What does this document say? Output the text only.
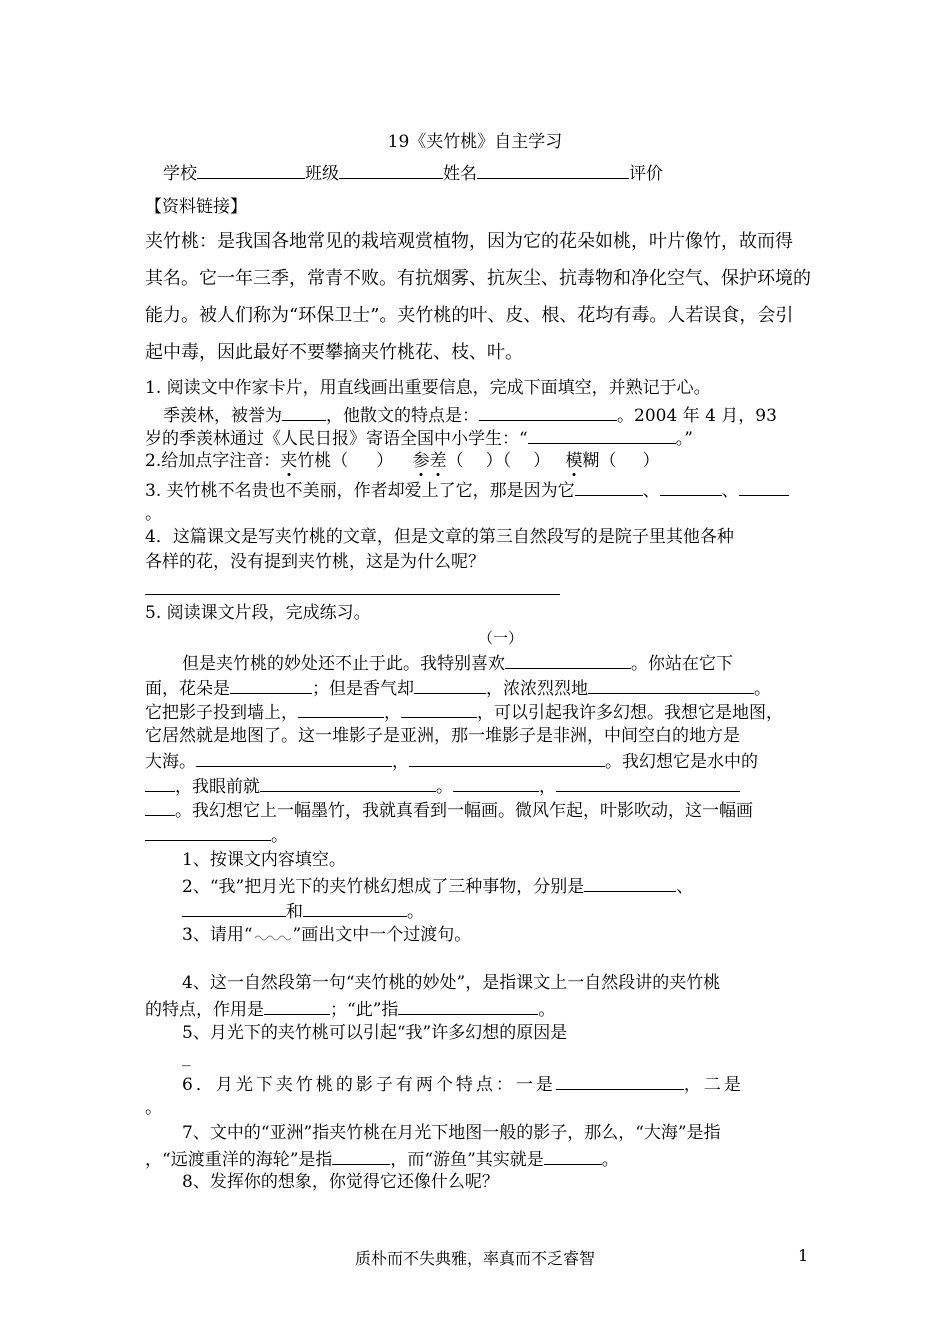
19《夹竹桃》自主学习
学校	班级	姓名	评价
【资料链接】
夹竹桃：是我国各地常见的栽培观赏植物，因为它的花朵如桃，叶片像竹，故而得
其名。它一年三季，常青不败。有抗烟雾、抗灰尘、抗毒物和净化空气、保护环境的
能力。被人们称为“环保卫士”。夹竹桃的叶、皮、根、花均有毒。人若误食，会引
起中毒，因此最好不要攀摘夹竹桃花、枝、叶。
1. 阅读文中作家卡片，用直线画出重要信息，完成下面填空，并熟记于心。
季羡林，被誉为	，他散文的特点是：	。2004 年 4 月，93
岁的季羡林通过《人民日报》寄语全国中小学生：“	。”
2.给加点字注音：夹竹桃（ ） 参差（ ）（ ） 模糊（ ）
3. 夹竹桃不名贵也不美丽，作者却爱上了它，那是因为它	、	、
。
4．这篇课文是写夹竹桃的文章，但是文章的第三自然段写的是院子里其他各种
各样的花，没有提到夹竹桃，这是为什么呢？
5. 阅读课文片段，完成练习。
（一）
但是夹竹桃的妙处还不止于此。我特别喜欢	。你站在它下
面，花朵是	；但是香气却	，浓浓烈烈地	。
它把影子投到墙上，	，	，可以引起我许多幻想。我想它是地图，
它居然就是地图了。这一堆影子是亚洲，那一堆影子是非洲，中间空白的地方是
大海。	，	。我幻想它是水中的
，我眼前就	。	，
。我幻想它上一幅墨竹，我就真看到一幅画。微风乍起，叶影吹动，这一幅画
。
1、按课文内容填空。
2、“我”把月光下的夹竹桃幻想成了三种事物，分别是	、
和	。
3、请用“ ”画出文中一个过渡句。
4、这一自然段第一句“夹竹桃的妙处”，是指课文上一自然段讲的夹竹桃
的特点，作用是	；“此”指	。
5、月光下的夹竹桃可以引起“我”许多幻想的原因是
_
6．月光下夹竹桃的影子有两个特点：一是	，二是
。
7、文中的“亚洲”指夹竹桃在月光下地图一般的影子，那么，“大海”是指
，“远渡重洋的海轮”是指	，而“游鱼”其实就是	。
8、发挥你的想象，你觉得它还像什么呢？
质朴而不失典雅，率真而不乏睿智	1
